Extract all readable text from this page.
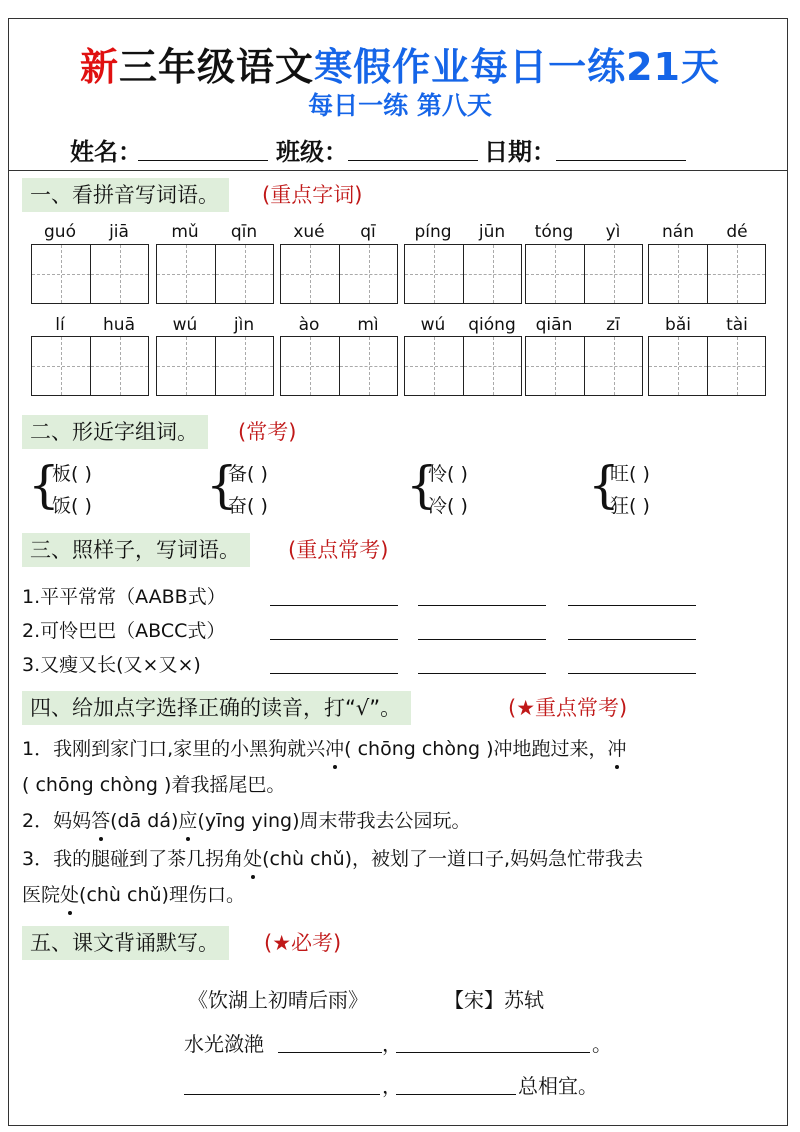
新三年级语文寒假作业每日一练21天
每日一练 第八天
姓名：	班级：	日期：
一、看拼音写词语。	(重点字词)
guó	jiā	mǔ	qīn	xué	qī	píng	jūn	tóng	yì	nán	dé
lí	huā	wú	jìn	ào	mì	wú	qióng	qiān	zī	bǎi	tài
二、形近字组词。	(常考)
{
板( )
饭( ) {
备( )
奋( )	{
怜( )
冷( ) {
旺( )
狂( )
三、照样子，写词语。	(重点常考)
1.平平常常（AABB式）
2.可怜巴巴（ABCC式）
3.又瘦又长(又×又×)
四、给加点字选择正确的读音，打“√”。	(★重点常考)
1．我刚到家门口,家里的小黑狗就兴冲( chōng chòng )冲地跑过来，冲
( chōng chòng )着我摇尾巴。
2．妈妈答(dā dá)应(yīng ying)周末带我去公园玩。
3．我的腿碰到了茶几拐角处(chù chǔ)，被划了一道口子,妈妈急忙带我去
医院处(chù chǔ)理伤口。
五、课文背诵默写。	(★必考)
《饮湖上初晴后雨》	【宋】苏轼
水光潋滟	，	。
，	总相宜。
